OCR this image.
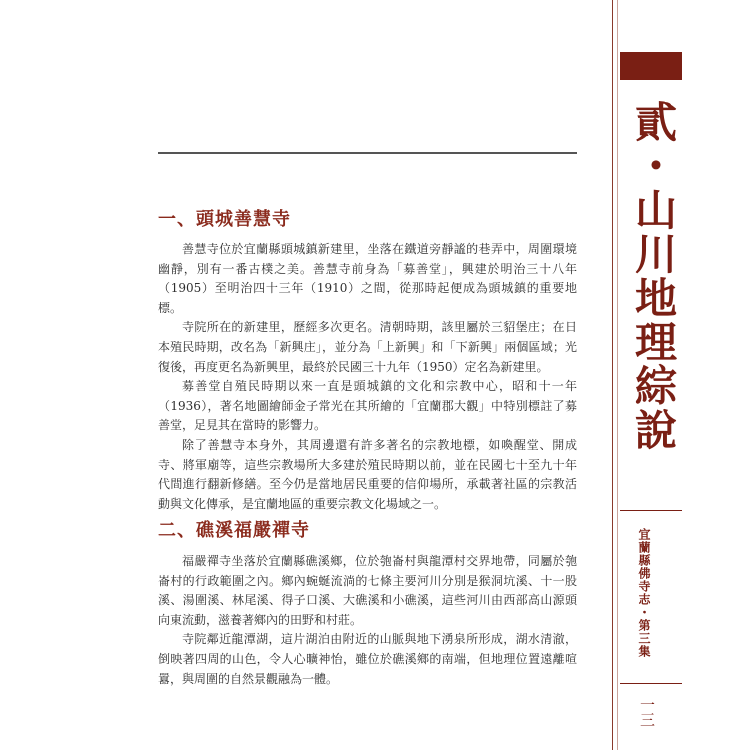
貳・山川地理綜說
宜蘭縣佛寺志・第三集
一三
一、頭城善慧寺

善慧寺位於宜蘭縣頭城鎮新建里，坐落在鐵道旁靜謐的巷弄中，周圍環境幽靜，別有一番古樸之美。善慧寺前身為「募善堂」，興建於明治三十八年（1905）至明治四十三年（1910）之間，從那時起便成為頭城鎮的重要地標。

寺院所在的新建里，歷經多次更名。清朝時期，該里屬於三貂堡庄；在日本殖民時期，改名為「新興庄」，並分為「上新興」和「下新興」兩個區域；光復後，再度更名為新興里，最終於民國三十九年（1950）定名為新建里。

募善堂自殖民時期以來一直是頭城鎮的文化和宗教中心，昭和十一年（1936），著名地圖繪師金子常光在其所繪的「宜蘭郡大觀」中特別標註了募善堂，足見其在當時的影響力。

除了善慧寺本身外，其周邊還有許多著名的宗教地標，如喚醒堂、開成寺、將軍廟等，這些宗教場所大多建於殖民時期以前，並在民國七十至九十年代間進行翻新修繕。至今仍是當地居民重要的信仰場所，承載著社區的宗教活動與文化傳承，是宜蘭地區的重要宗教文化場域之一。

二、礁溪福嚴禪寺

福嚴禪寺坐落於宜蘭縣礁溪鄉，位於匏崙村與龍潭村交界地帶，同屬於匏崙村的行政範圍之內。鄉內蜿蜒流淌的七條主要河川分別是猴洞坑溪、十一股溪、湯圍溪、林尾溪、得子口溪、大礁溪和小礁溪，這些河川由西部高山源頭向東流動，滋養著鄉內的田野和村莊。

寺院鄰近龍潭湖，這片湖泊由附近的山脈與地下湧泉所形成，湖水清澈，倒映著四周的山色，令人心曠神怡，雖位於礁溪鄉的南端，但地理位置遠離喧囂，與周圍的自然景觀融為一體。
